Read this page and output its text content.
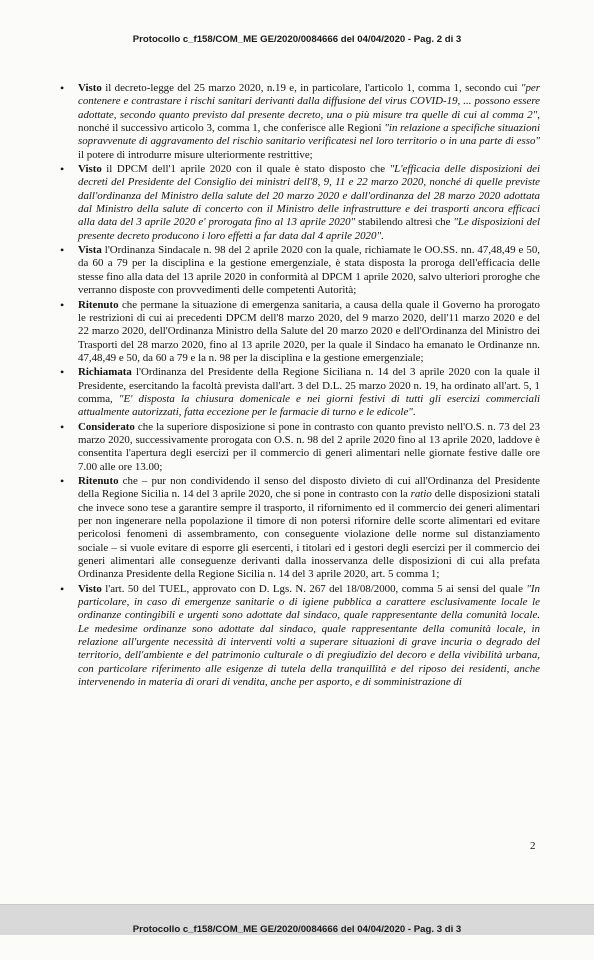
Protocollo c_f158/COM_ME GE/2020/0084666 del 04/04/2020 - Pag. 2 di 3
• Visto il decreto-legge del 25 marzo 2020, n.19 e, in particolare, l'articolo 1, comma 1, secondo cui "per contenere e contrastare i rischi sanitari derivanti dalla diffusione del virus COVID-19, ... possono essere adottate, secondo quanto previsto dal presente decreto, una o più misure tra quelle di cui al comma 2", nonché il successivo articolo 3, comma 1, che conferisce alle Regioni "in relazione a specifiche situazioni sopravvenute di aggravamento del rischio sanitario verificatesi nel loro territorio o in una parte di esso" il potere di introdurre misure ulteriormente restrittive;
• Visto il DPCM dell'1 aprile 2020 con il quale è stato disposto che "L'efficacia delle disposizioni dei decreti del Presidente del Consiglio dei ministri dell'8, 9, 11 e 22 marzo 2020, nonché di quelle previste dall'ordinanza del Ministro della salute del 20 marzo 2020 e dall'ordinanza del 28 marzo 2020 adottata dal Ministro della salute di concerto con il Ministro delle infrastrutture e dei trasporti ancora efficaci alla data del 3 aprile 2020 e' prorogata fino al 13 aprile 2020" stabilendo altresì che "Le disposizioni del presente decreto producono i loro effetti a far data dal 4 aprile 2020".
• Vista l'Ordinanza Sindacale n. 98 del 2 aprile 2020 con la quale, richiamate le OO.SS. nn. 47,48,49 e 50, da 60 a 79 per la disciplina e la gestione emergenziale, è stata disposta la proroga dell'efficacia delle stesse fino alla data del 13 aprile 2020 in conformità al DPCM 1 aprile 2020, salvo ulteriori proroghe che verranno disposte con provvedimenti delle competenti Autorità;
• Ritenuto che permane la situazione di emergenza sanitaria, a causa della quale il Governo ha prorogato le restrizioni di cui ai precedenti DPCM dell'8 marzo 2020, del 9 marzo 2020, dell'11 marzo 2020 e del 22 marzo 2020, dell'Ordinanza Ministro della Salute del 20 marzo 2020 e dell'Ordinanza del Ministro dei Trasporti del 28 marzo 2020, fino al 13 aprile 2020, per la quale il Sindaco ha emanato le Ordinanze nn. 47,48,49 e 50, da 60 a 79 e la n. 98 per la disciplina e la gestione emergenziale;
• Richiamata l'Ordinanza del Presidente della Regione Siciliana n. 14 del 3 aprile 2020 con la quale il Presidente, esercitando la facoltà prevista dall'art. 3 del D.L. 25 marzo 2020 n. 19, ha ordinato all'art. 5, 1 comma, "E' disposta la chiusura domenicale e nei giorni festivi di tutti gli esercizi commerciali attualmente autorizzati, fatta eccezione per le farmacie di turno e le edicole".
• Considerato che la superiore disposizione si pone in contrasto con quanto previsto nell'O.S. n. 73 del 23 marzo 2020, successivamente prorogata con O.S. n. 98 del 2 aprile 2020 fino al 13 aprile 2020, laddove è consentita l'apertura degli esercizi per il commercio di generi alimentari nelle giornate festive dalle ore 7.00 alle ore 13.00;
• Ritenuto che – pur non condividendo il senso del disposto divieto di cui all'Ordinanza del Presidente della Regione Sicilia n. 14 del 3 aprile 2020, che si pone in contrasto con la ratio delle disposizioni statali che invece sono tese a garantire sempre il trasporto, il rifornimento ed il commercio dei generi alimentari per non ingenerare nella popolazione il timore di non potersi rifornire delle scorte alimentari ed evitare pericolosi fenomeni di assembramento, con conseguente violazione delle norme sul distanziamento sociale – si vuole evitare di esporre gli esercenti, i titolari ed i gestori degli esercizi per il commercio dei generi alimentari alle conseguenze derivanti dalla inosservanza delle disposizioni di cui alla prefata Ordinanza Presidente della Regione Sicilia n. 14 del 3 aprile 2020, art. 5 comma 1;
• Visto l'art. 50 del TUEL, approvato con D. Lgs. N. 267 del 18/08/2000, comma 5 ai sensi del quale "In particolare, in caso di emergenze sanitarie o di igiene pubblica a carattere esclusivamente locale le ordinanze contingibili e urgenti sono adottate dal sindaco, quale rappresentante della comunità locale. Le medesime ordinanze sono adottate dal sindaco, quale rappresentante della comunità locale, in relazione all'urgente necessità di interventi volti a superare situazioni di grave incuria o degrado del territorio, dell'ambiente e del patrimonio culturale o di pregiudizio del decoro e della vivibilità urbana, con particolare riferimento alle esigenze di tutela della tranquillità e del riposo dei residenti, anche intervenendo in materia di orari di vendita, anche per asporto, e di somministrazione di
2
Protocollo c_f158/COM_ME GE/2020/0084666 del 04/04/2020 - Pag. 3 di 3
